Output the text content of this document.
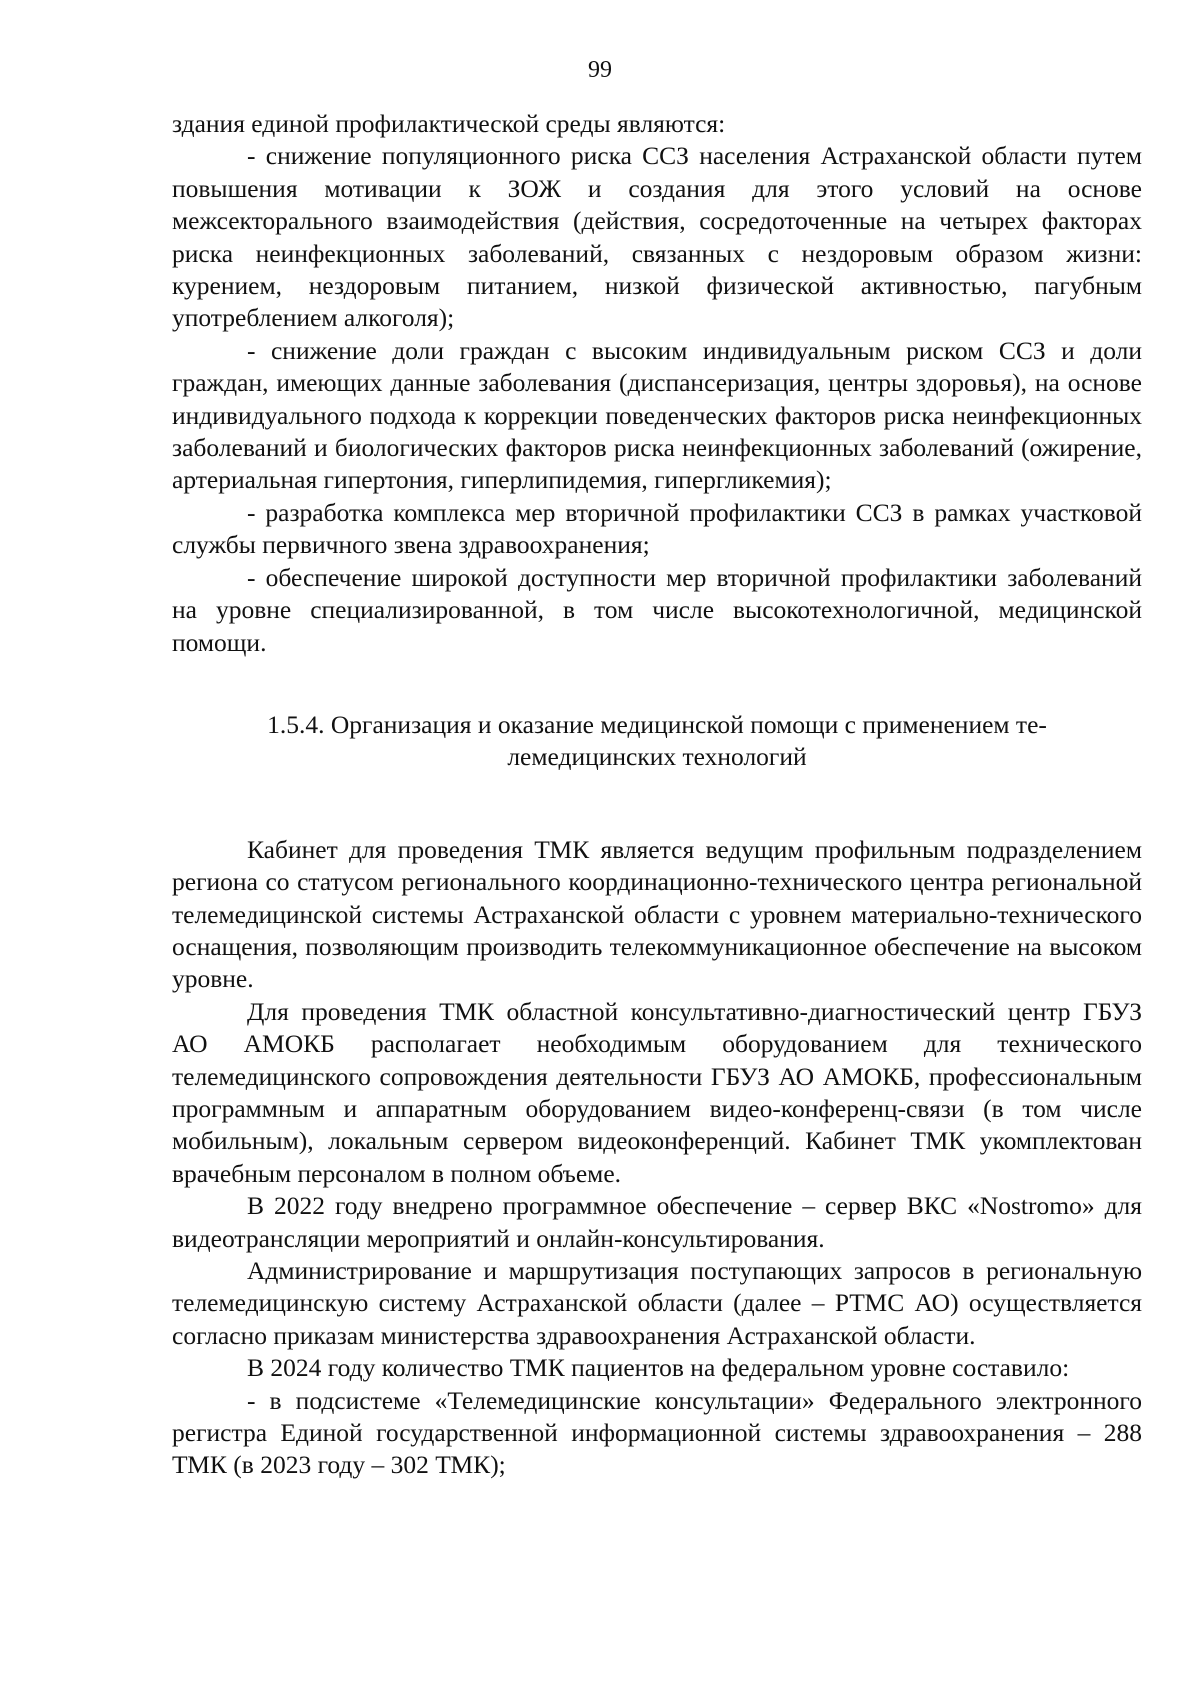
99

здания единой профилактической среды являются:

- снижение популяционного риска ССЗ населения Астраханской области путем повышения мотивации к ЗОЖ и создания для этого условий на основе межсекторального взаимодействия (действия, сосредоточенные на четырех факторах риска неинфекционных заболеваний, связанных с нездоровым образом жизни: курением, нездоровым питанием, низкой физической активностью, пагубным употреблением алкоголя);

- снижение доли граждан с высоким индивидуальным риском ССЗ и доли граждан, имеющих данные заболевания (диспансеризация, центры здоровья), на основе индивидуального подхода к коррекции поведенческих факторов риска неинфекционных заболеваний и биологических факторов риска неинфекционных заболеваний (ожирение, артериальная гипертония, гиперлипидемия, гипергликемия);

- разработка комплекса мер вторичной профилактики ССЗ в рамках участковой службы первичного звена здравоохранения;

- обеспечение широкой доступности мер вторичной профилактики заболеваний на уровне специализированной, в том числе высокотехнологичной, медицинской помощи.

1.5.4. Организация и оказание медицинской помощи с применением те-
лемедицинских технологий

Кабинет для проведения ТМК является ведущим профильным подразделением региона со статусом регионального координационно-технического центра региональной телемедицинской системы Астраханской области с уровнем материально-технического оснащения, позволяющим производить телекоммуникационное обеспечение на высоком уровне.

Для проведения ТМК областной консультативно-диагностический центр ГБУЗ АО АМОКБ располагает необходимым оборудованием для технического телемедицинского сопровождения деятельности ГБУЗ АО АМОКБ, профессиональным программным и аппаратным оборудованием видео-конференц-связи (в том числе мобильным), локальным сервером видеоконференций. Кабинет ТМК укомплектован врачебным персоналом в полном объеме.

В 2022 году внедрено программное обеспечение – сервер ВКС «Nostromo» для видеотрансляции мероприятий и онлайн-консультирования.

Администрирование и маршрутизация поступающих запросов в региональную телемедицинскую систему Астраханской области (далее – РТМС АО) осуществляется согласно приказам министерства здравоохранения Астраханской области.

В 2024 году количество ТМК пациентов на федеральном уровне составило:

- в подсистеме «Телемедицинские консультации» Федерального электронного регистра Единой государственной информационной системы здравоохранения – 288 ТМК (в 2023 году – 302 ТМК);
